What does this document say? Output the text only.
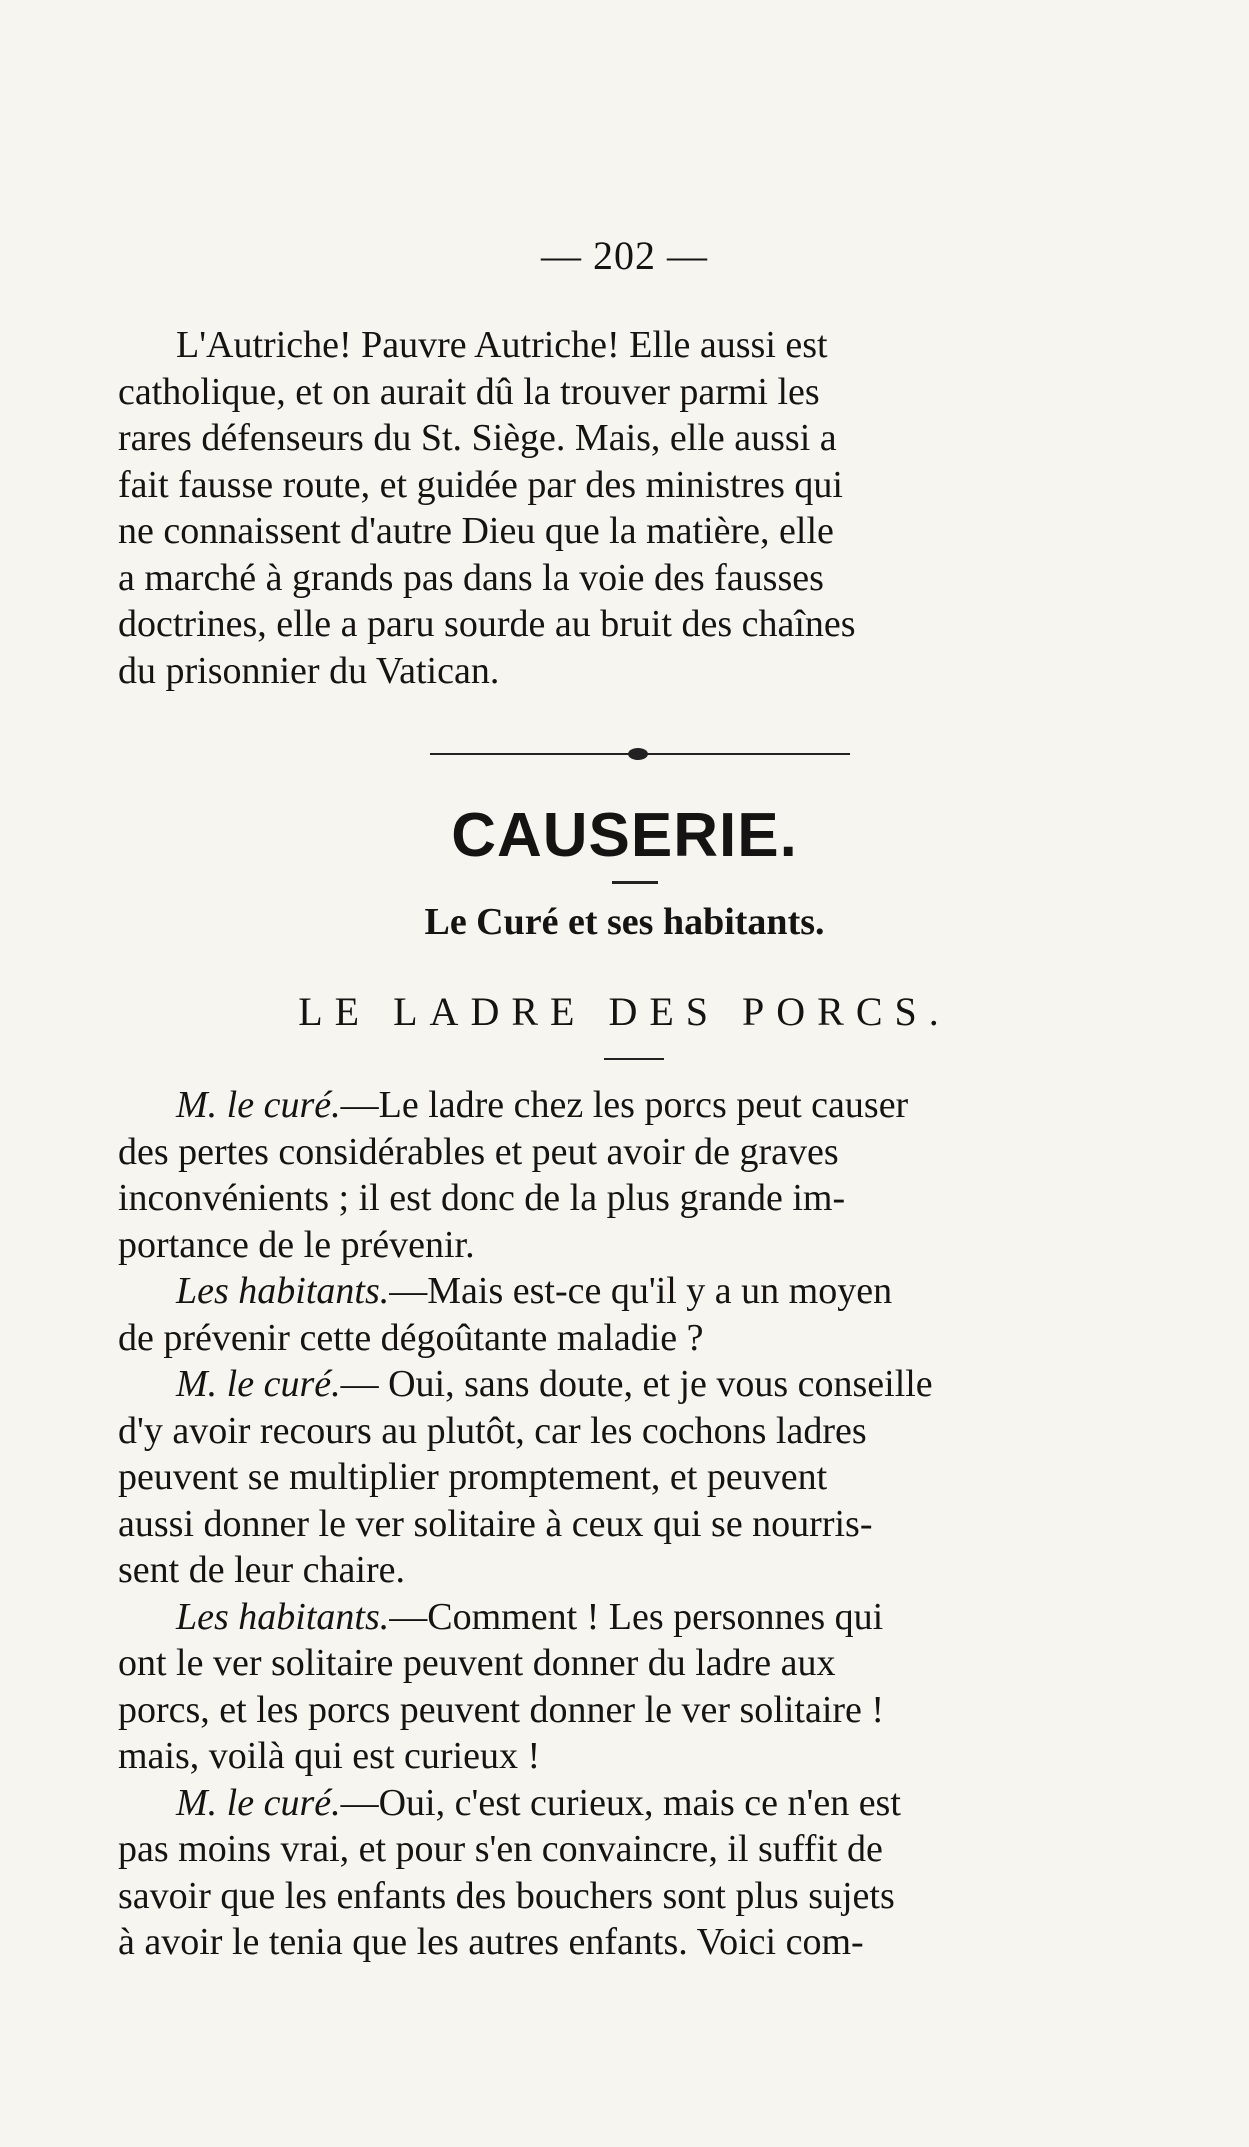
— 202 —

L'Autriche! Pauvre Autriche! Elle aussi est

catholique, et on aurait dû la trouver parmi les

rares défenseurs du St. Siège. Mais, elle aussi a

fait fausse route, et guidée par des ministres qui

ne connaissent d'autre Dieu que la matière, elle

a marché à grands pas dans la voie des fausses

doctrines, elle a paru sourde au bruit des chaînes

du prisonnier du Vatican.

CAUSERIE.
Le Curé et ses habitants.
LE LADRE DES PORCS.

M. le curé.—Le ladre chez les porcs peut causer

des pertes considérables et peut avoir de graves

inconvénients ; il est donc de la plus grande im-

portance de le prévenir.

Les habitants.—Mais est-ce qu'il y a un moyen

de prévenir cette dégoûtante maladie ?

M. le curé.— Oui, sans doute, et je vous conseille

d'y avoir recours au plutôt, car les cochons ladres

peuvent se multiplier promptement, et peuvent

aussi donner le ver solitaire à ceux qui se nourris-

sent de leur chaire.

Les habitants.—Comment ! Les personnes qui

ont le ver solitaire peuvent donner du ladre aux

porcs, et les porcs peuvent donner le ver solitaire !

mais, voilà qui est curieux !

M. le curé.—Oui, c'est curieux, mais ce n'en est

pas moins vrai, et pour s'en convaincre, il suffit de

savoir que les enfants des bouchers sont plus sujets

à avoir le tenia que les autres enfants. Voici com-
